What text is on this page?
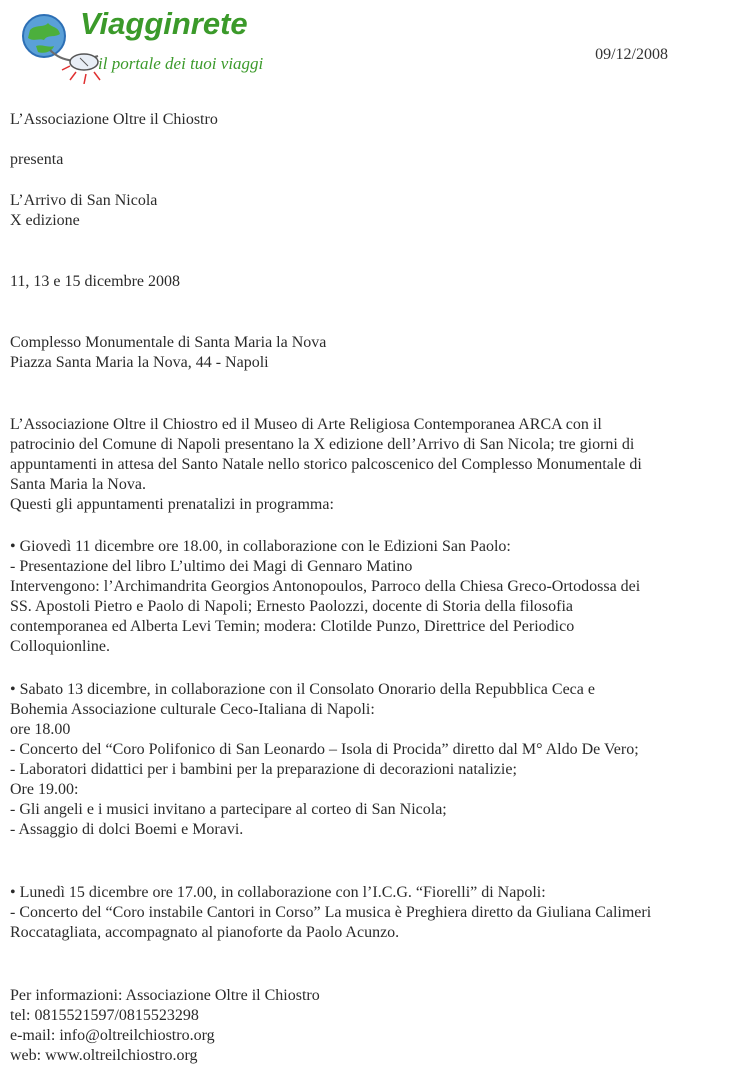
Viagginrete
il portale dei tuoi viaggi	09/12/2008
L’Associazione Oltre il Chiostro
presenta
L’Arrivo di San Nicola
X edizione
11, 13 e 15 dicembre 2008
Complesso Monumentale di Santa Maria la Nova
Piazza Santa Maria la Nova, 44 - Napoli
L’Associazione Oltre il Chiostro ed il Museo di Arte Religiosa Contemporanea ARCA con il
patrocinio del Comune di Napoli presentano la X edizione dell’Arrivo di San Nicola; tre giorni di
appuntamenti in attesa del Santo Natale nello storico palcoscenico del Complesso Monumentale di
Santa Maria la Nova.
Questi gli appuntamenti prenatalizi in programma:
• Giovedì 11 dicembre ore 18.00, in collaborazione con le Edizioni San Paolo:
- Presentazione del libro L’ultimo dei Magi di Gennaro Matino
Intervengono: l’Archimandrita Georgios Antonopoulos, Parroco della Chiesa Greco-Ortodossa dei
SS. Apostoli Pietro e Paolo di Napoli; Ernesto Paolozzi, docente di Storia della filosofia
contemporanea ed Alberta Levi Temin; modera: Clotilde Punzo, Direttrice del Periodico
Colloquionline.
• Sabato 13 dicembre, in collaborazione con il Consolato Onorario della Repubblica Ceca e
Bohemia Associazione culturale Ceco-Italiana di Napoli:
ore 18.00
- Concerto del “Coro Polifonico di San Leonardo – Isola di Procida” diretto dal M° Aldo De Vero;
- Laboratori didattici per i bambini per la preparazione di decorazioni natalizie;
Ore 19.00:
- Gli angeli e i musici invitano a partecipare al corteo di San Nicola;
- Assaggio di dolci Boemi e Moravi.
• Lunedì 15 dicembre ore 17.00, in collaborazione con l’I.C.G. “Fiorelli” di Napoli:
- Concerto del “Coro instabile Cantori in Corso” La musica è Preghiera diretto da Giuliana Calimeri
Roccatagliata, accompagnato al pianoforte da Paolo Acunzo.
Per informazioni: Associazione Oltre il Chiostro
tel: 0815521597/0815523298
e-mail: info@oltreilchiostro.org
web: www.oltreilchiostro.org
